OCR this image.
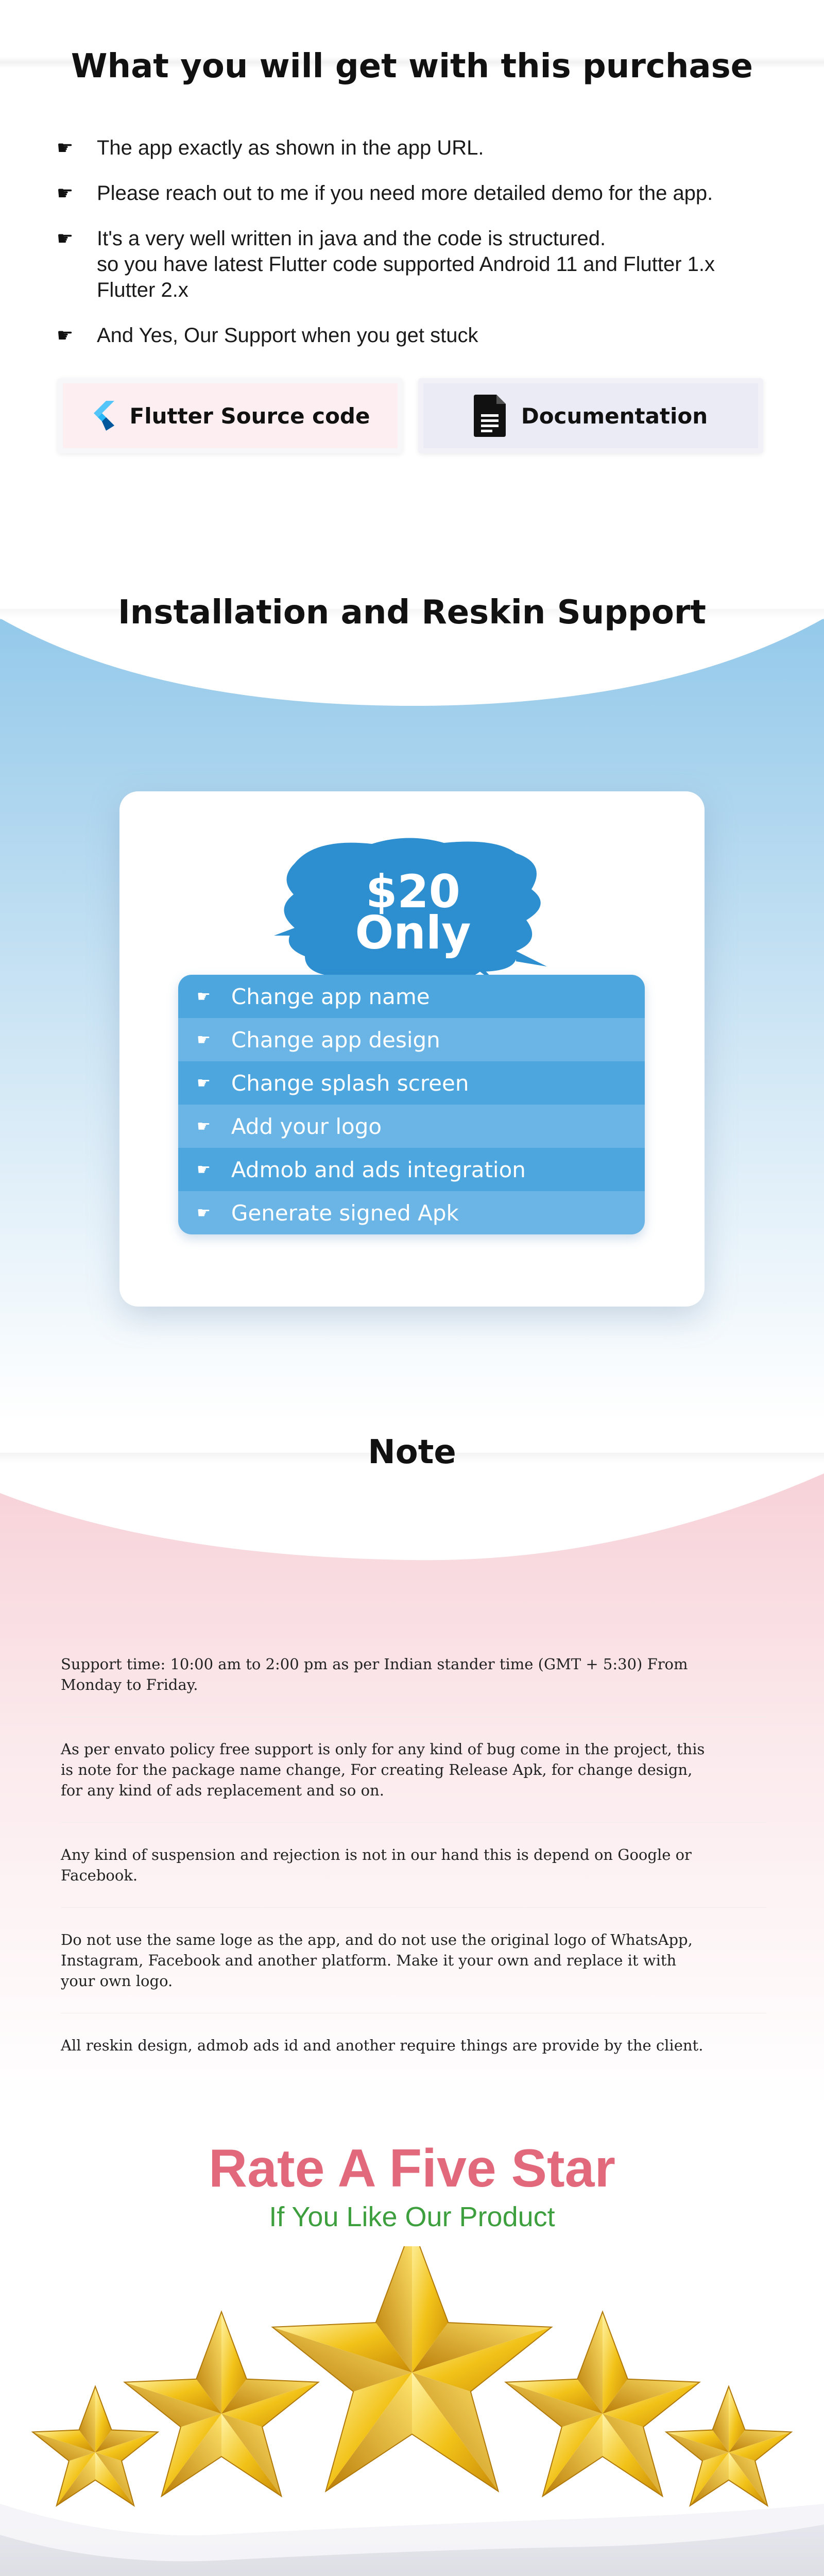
What you will get with this purchase
☛ The app exactly as shown in the app URL.
☛ Please reach out to me if you need more detailed demo for the app.
☛ It's a very well written in java and the code is structured.
so you have latest Flutter code supported Android 11 and Flutter 1.x
Flutter 2.x
☛ And Yes, Our Support when you get stuck
Flutter Source code	Documentation
Installation and Reskin Support
$20
Only
☛ Change app name
☛ Change app design
☛ Change splash screen
☛ Add your logo
☛ Admob and ads integration
☛ Generate signed Apk
Note
Support time: 10:00 am to 2:00 pm as per Indian stander time (GMT + 5:30) From
Monday to Friday.
As per envato policy free support is only for any kind of bug come in the project, this
is note for the package name change, For creating Release Apk, for change design,
for any kind of ads replacement and so on.
Any kind of suspension and rejection is not in our hand this is depend on Google or
Facebook.
Do not use the same loge as the app, and do not use the original logo of WhatsApp,
Instagram, Facebook and another platform. Make it your own and replace it with
your own logo.
All reskin design, admob ads id and another require things are provide by the client.
Rate A Five Star
If You Like Our Product
